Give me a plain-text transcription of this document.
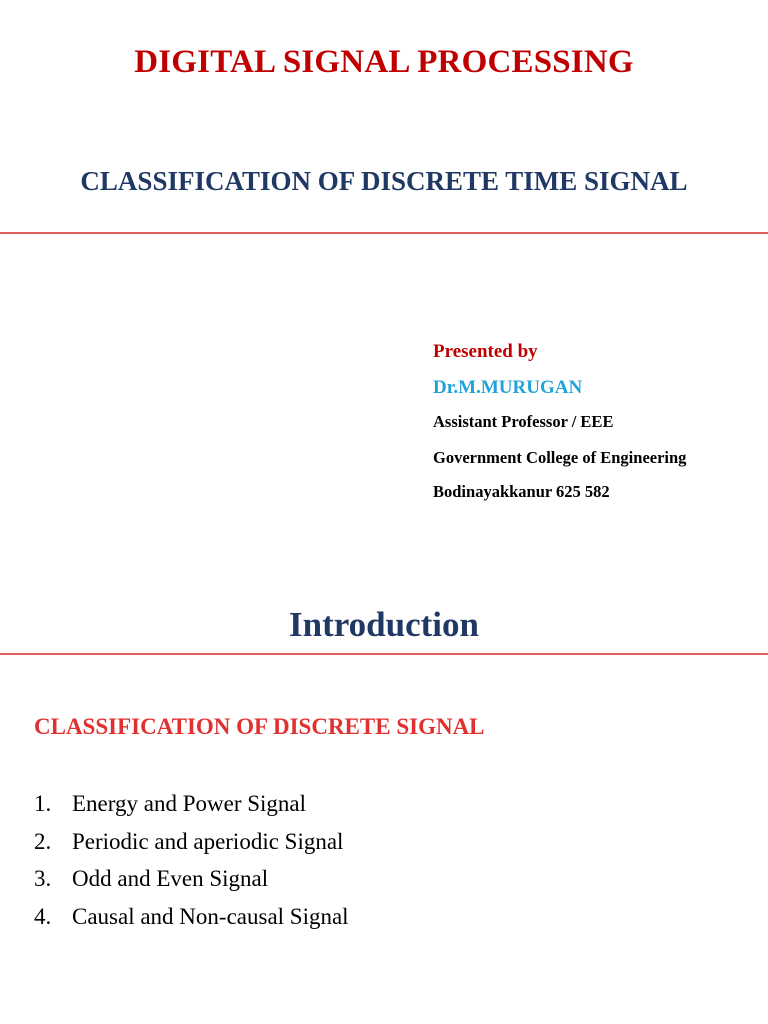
DIGITAL SIGNAL PROCESSING
CLASSIFICATION OF DISCRETE TIME SIGNAL
Presented by
Dr.M.MURUGAN
Assistant Professor / EEE
Government College of Engineering
Bodinayakkanur 625 582
Introduction
CLASSIFICATION OF DISCRETE SIGNAL
1. Energy and Power Signal
2. Periodic and aperiodic Signal
3. Odd and Even Signal
4. Causal and Non-causal Signal
